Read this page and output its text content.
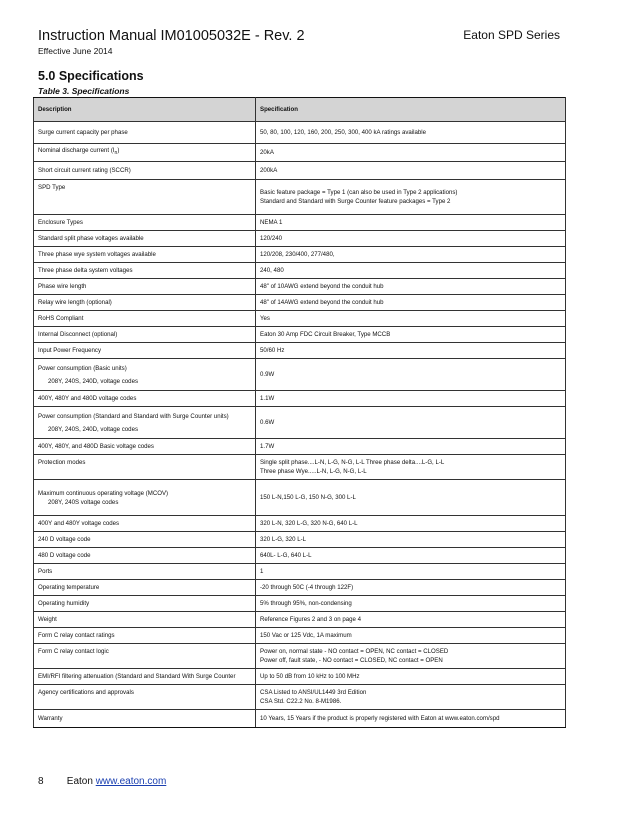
Instruction Manual IM01005032E - Rev. 2
Effective June 2014
Eaton SPD Series
5.0 Specifications
Table 3. Specifications
Description	Specification
Surge current capacity per phase	50, 80, 100, 120, 160, 200, 250, 300, 400 kA ratings available
Nominal discharge current $(I_n)$	20kA
Short circuit current rating (SCCR)	200kA
SPD Type	Basic feature package = Type 1 (can also be used in Type 2 applications)
Standard and Standard with Surge Counter feature packages = Type 2

Enclosure Types	NEMA 1
Standard split phase voltages available	120/240
Three phase wye system voltages available	120/208, 230/400, 277/480,
Three phase delta system voltages	240, 480
Phase wire length	48" of 10AWG extend beyond the conduit hub
Relay wire length (optional)	48" of 14AWG extend beyond the conduit hub
RoHS Compliant	Yes
Internal Disconnect (optional)	Eaton 30 Amp FDC Circuit Breaker, Type MCCB
Input Power Frequency	50/60 Hz

Power consumption (Basic units)
208Y, 240S, 240D, voltage codes	0.9W
400Y, 480Y and 480D voltage codes	1.1W

Power consumption (Standard and Standard with Surge Counter units)
208Y, 240S, 240D, voltage codes	0.6W
400Y, 480Y, and 480D Basic voltage codes	1.7W
Protection modes	Single split phase....L-N, L-G, N-G, L-L Three phase delta....L-G, L-L
Three phase Wye.....L-N, L-G, N-G, L-L

Maximum continuous operating voltage (MCOV)
208Y, 240S voltage codes	150 L-N,150 L-G, 150 N-G, 300 L-L
400Y and 480Y voltage codes	320 L-N, 320 L-G, 320 N-G, 640 L-L
240 D voltage code	320 L-G, 320 L-L
480 D voltage code	640L- L-G, 640 L-L
Ports	1
Operating temperature	-20 through 50C (-4 through 122F)
Operating humidity	5% through 95%, non-condensing
Weight	Reference Figures 2 and 3 on page 4
Form C relay contact ratings	150 Vac or 125 Vdc, 1A maximum
Form C relay contact logic	Power on, normal state - NO contact = OPEN, NC contact = CLOSED
Power off, fault state, - NO contact = CLOSED, NC contact = OPEN

EMI/RFI filtering attenuation (Standard and Standard With Surge Counter	Up to 50 dB from 10 kHz to 100 MHz
Agency certifications and approvals	CSA Listed to ANSI/UL1449 3rd Edition
CSA Std. C22.2 No. 8-M1986.

Warranty	10 Years, 15 Years if the product is properly registered with Eaton at www.eaton.com/spd
8 Eaton www.eaton.com
